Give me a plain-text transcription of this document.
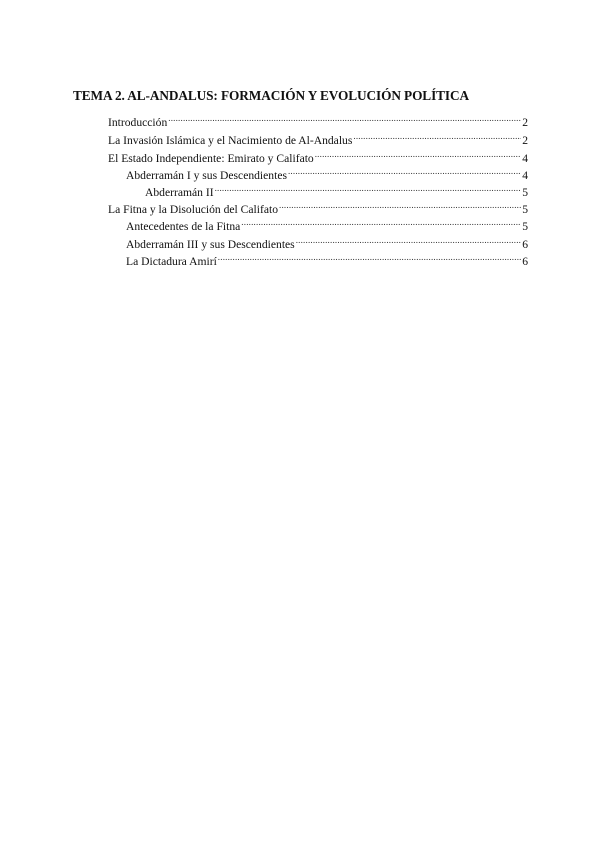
TEMA 2. AL-ANDALUS: FORMACIÓN Y EVOLUCIÓN POLÍTICA
Introducción .....	2
La Invasión Islámica y el Nacimiento de Al-Andalus .....	2
El Estado Independiente: Emirato y Califato .....	4
Abderramán I y sus Descendientes .....	4
Abderramán II .....	5
La Fitna y la Disolución del Califato .....	5
Antecedentes de la Fitna .....	5
Abderramán III y sus Descendientes .....	6
La Dictadura Amirí .....	6
